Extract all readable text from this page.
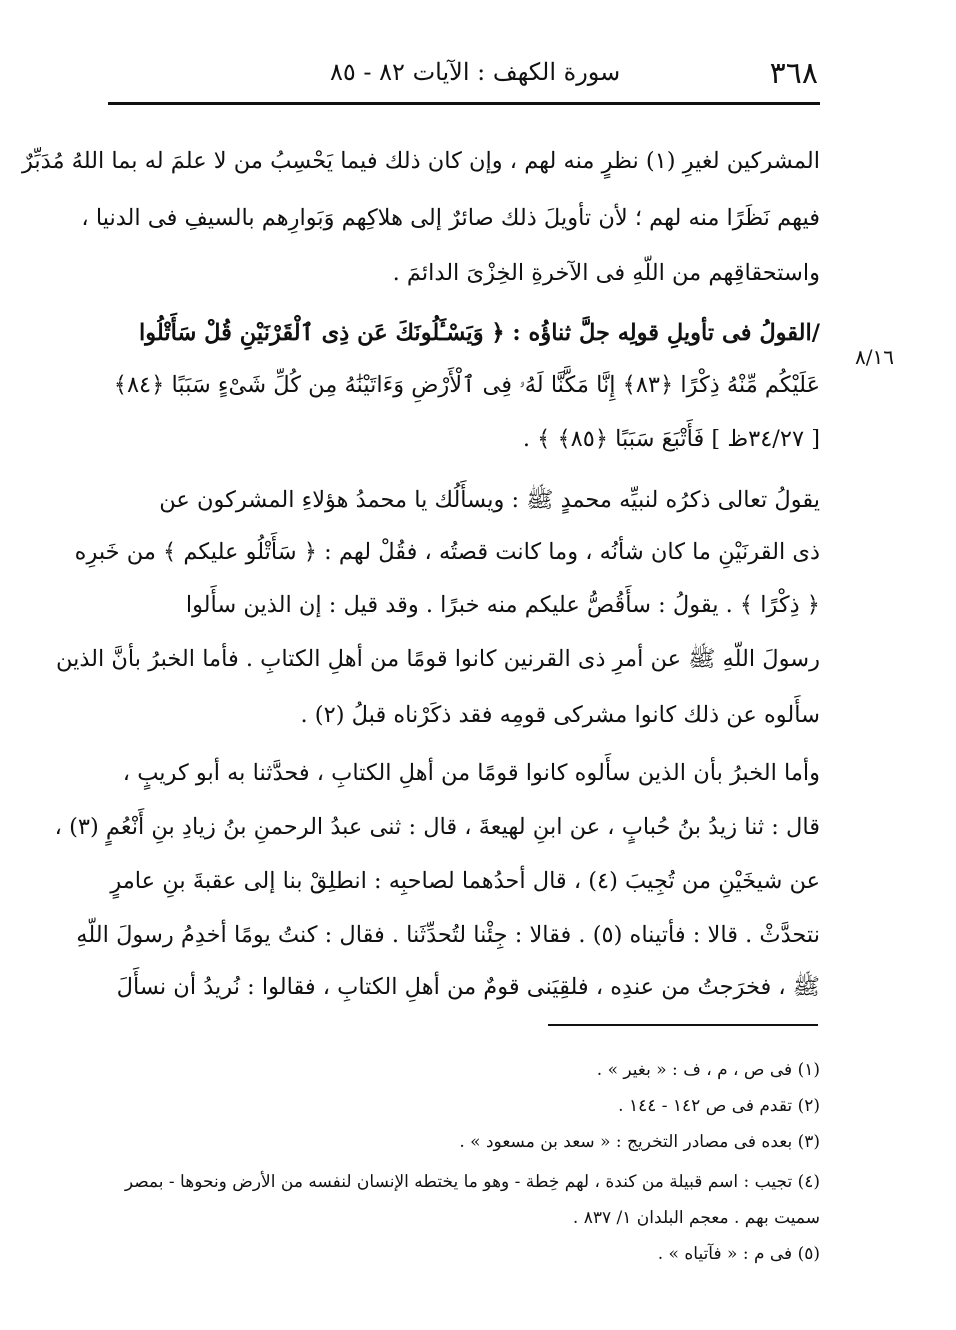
٣٦٨
سورة الكهف : الآيات ٨٢ - ٨٥
٨/١٦
المشركين لغيرِ (١) نظرٍ منه لهم ، وإن كان ذلك فيما يَحْسِبُ من لا علمَ له بما اللهُ مُدَبِّرٌ
فيهم نَظَرًا منه لهم ؛ لأن تأويلَ ذلك صائرٌ إلى هلاكِهم وَبَوارِهم بالسيفِ فى الدنيا ،
واستحقاقِهم من اللّهِ فى الآخرةِ الخِزْىَ الدائمَ .
/القولُ فى تأويلِ قولِه جلَّ ثناؤُه : ﴿ وَيَسْـَٔلُونَكَ عَن ذِى ٱلْقَرْنَيْنِ قُلْ سَأَتْلُوا
عَلَيْكُم مِّنْهُ ذِكْرًا ﴿٨٣﴾ إِنَّا مَكَّنَّا لَهُۥ فِى ٱلْأَرْضِ وَءَاتَيْنَٰهُ مِن كُلِّ شَىْءٍ سَبَبًا ﴿٨٤﴾
[ ٣٤/٢٧ظ ] فَأَتْبَعَ سَبَبًا ﴿٨٥﴾ ﴾ .
يقولُ تعالى ذكرُه لنبيِّه محمدٍ ﷺ : ويسأَلُك يا محمدُ هؤلاءِ المشركون عن
ذى القرنَيْنِ ما كان شأنُه ، وما كانت قصتُه ، فقُلْ لهم : ﴿ سَأَتْلُو عليكم ﴾ من خَبرِه
﴿ ذِكْرًا ﴾ . يقولُ : سأَقُصُّ عليكم منه خبرًا . وقد قيل : إن الذين سأَلوا
رسولَ اللّهِ ﷺ عن أمرِ ذى القرنين كانوا قومًا من أهلِ الكتابِ . فأما الخبرُ بأنَّ الذين
سأَلوه عن ذلك كانوا مشركى قومِه فقد ذكَرْناه قبلُ (٢) .
وأما الخبرُ بأن الذين سأَلوه كانوا قومًا من أهلِ الكتابِ ، فحدَّثنا به أبو كريبٍ ،
قال : ثنا زيدُ بنُ حُبابٍ ، عن ابنِ لهيعةَ ، قال : ثنى عبدُ الرحمنِ بنُ زيادِ بنِ أَنْعُمٍ (٣) ،
عن شيخَيْنِ من تُجِيبَ (٤) ، قال أحدُهما لصاحبِه : انطلِقْ بنا إلى عقبةَ بنِ عامرٍ
نتحدَّثْ . قالا : فأتيناه (٥) . فقالا : جِئْنا لتُحدِّثَنا . فقال : كنتُ يومًا أخدِمُ رسولَ اللّهِ
ﷺ ، فخرَجتُ من عندِه ، فلقِيَنى قومٌ من أهلِ الكتابِ ، فقالوا : نُريدُ أن نسأَلَ
(١) فى ص ، م ، ف : « بغير » .
(٢) تقدم فى ص ١٤٢ - ١٤٤ .
(٣) بعده فى مصادر التخريج : « سعد بن مسعود » .
(٤) تجيب : اسم قبيلة من كندة ، لهم خِطة - وهو ما يختطه الإنسان لنفسه من الأرض ونحوها - بمصر
سميت بهم . معجم البلدان ١/ ٨٣٧ .
(٥) فى م : « فآتياه » .
